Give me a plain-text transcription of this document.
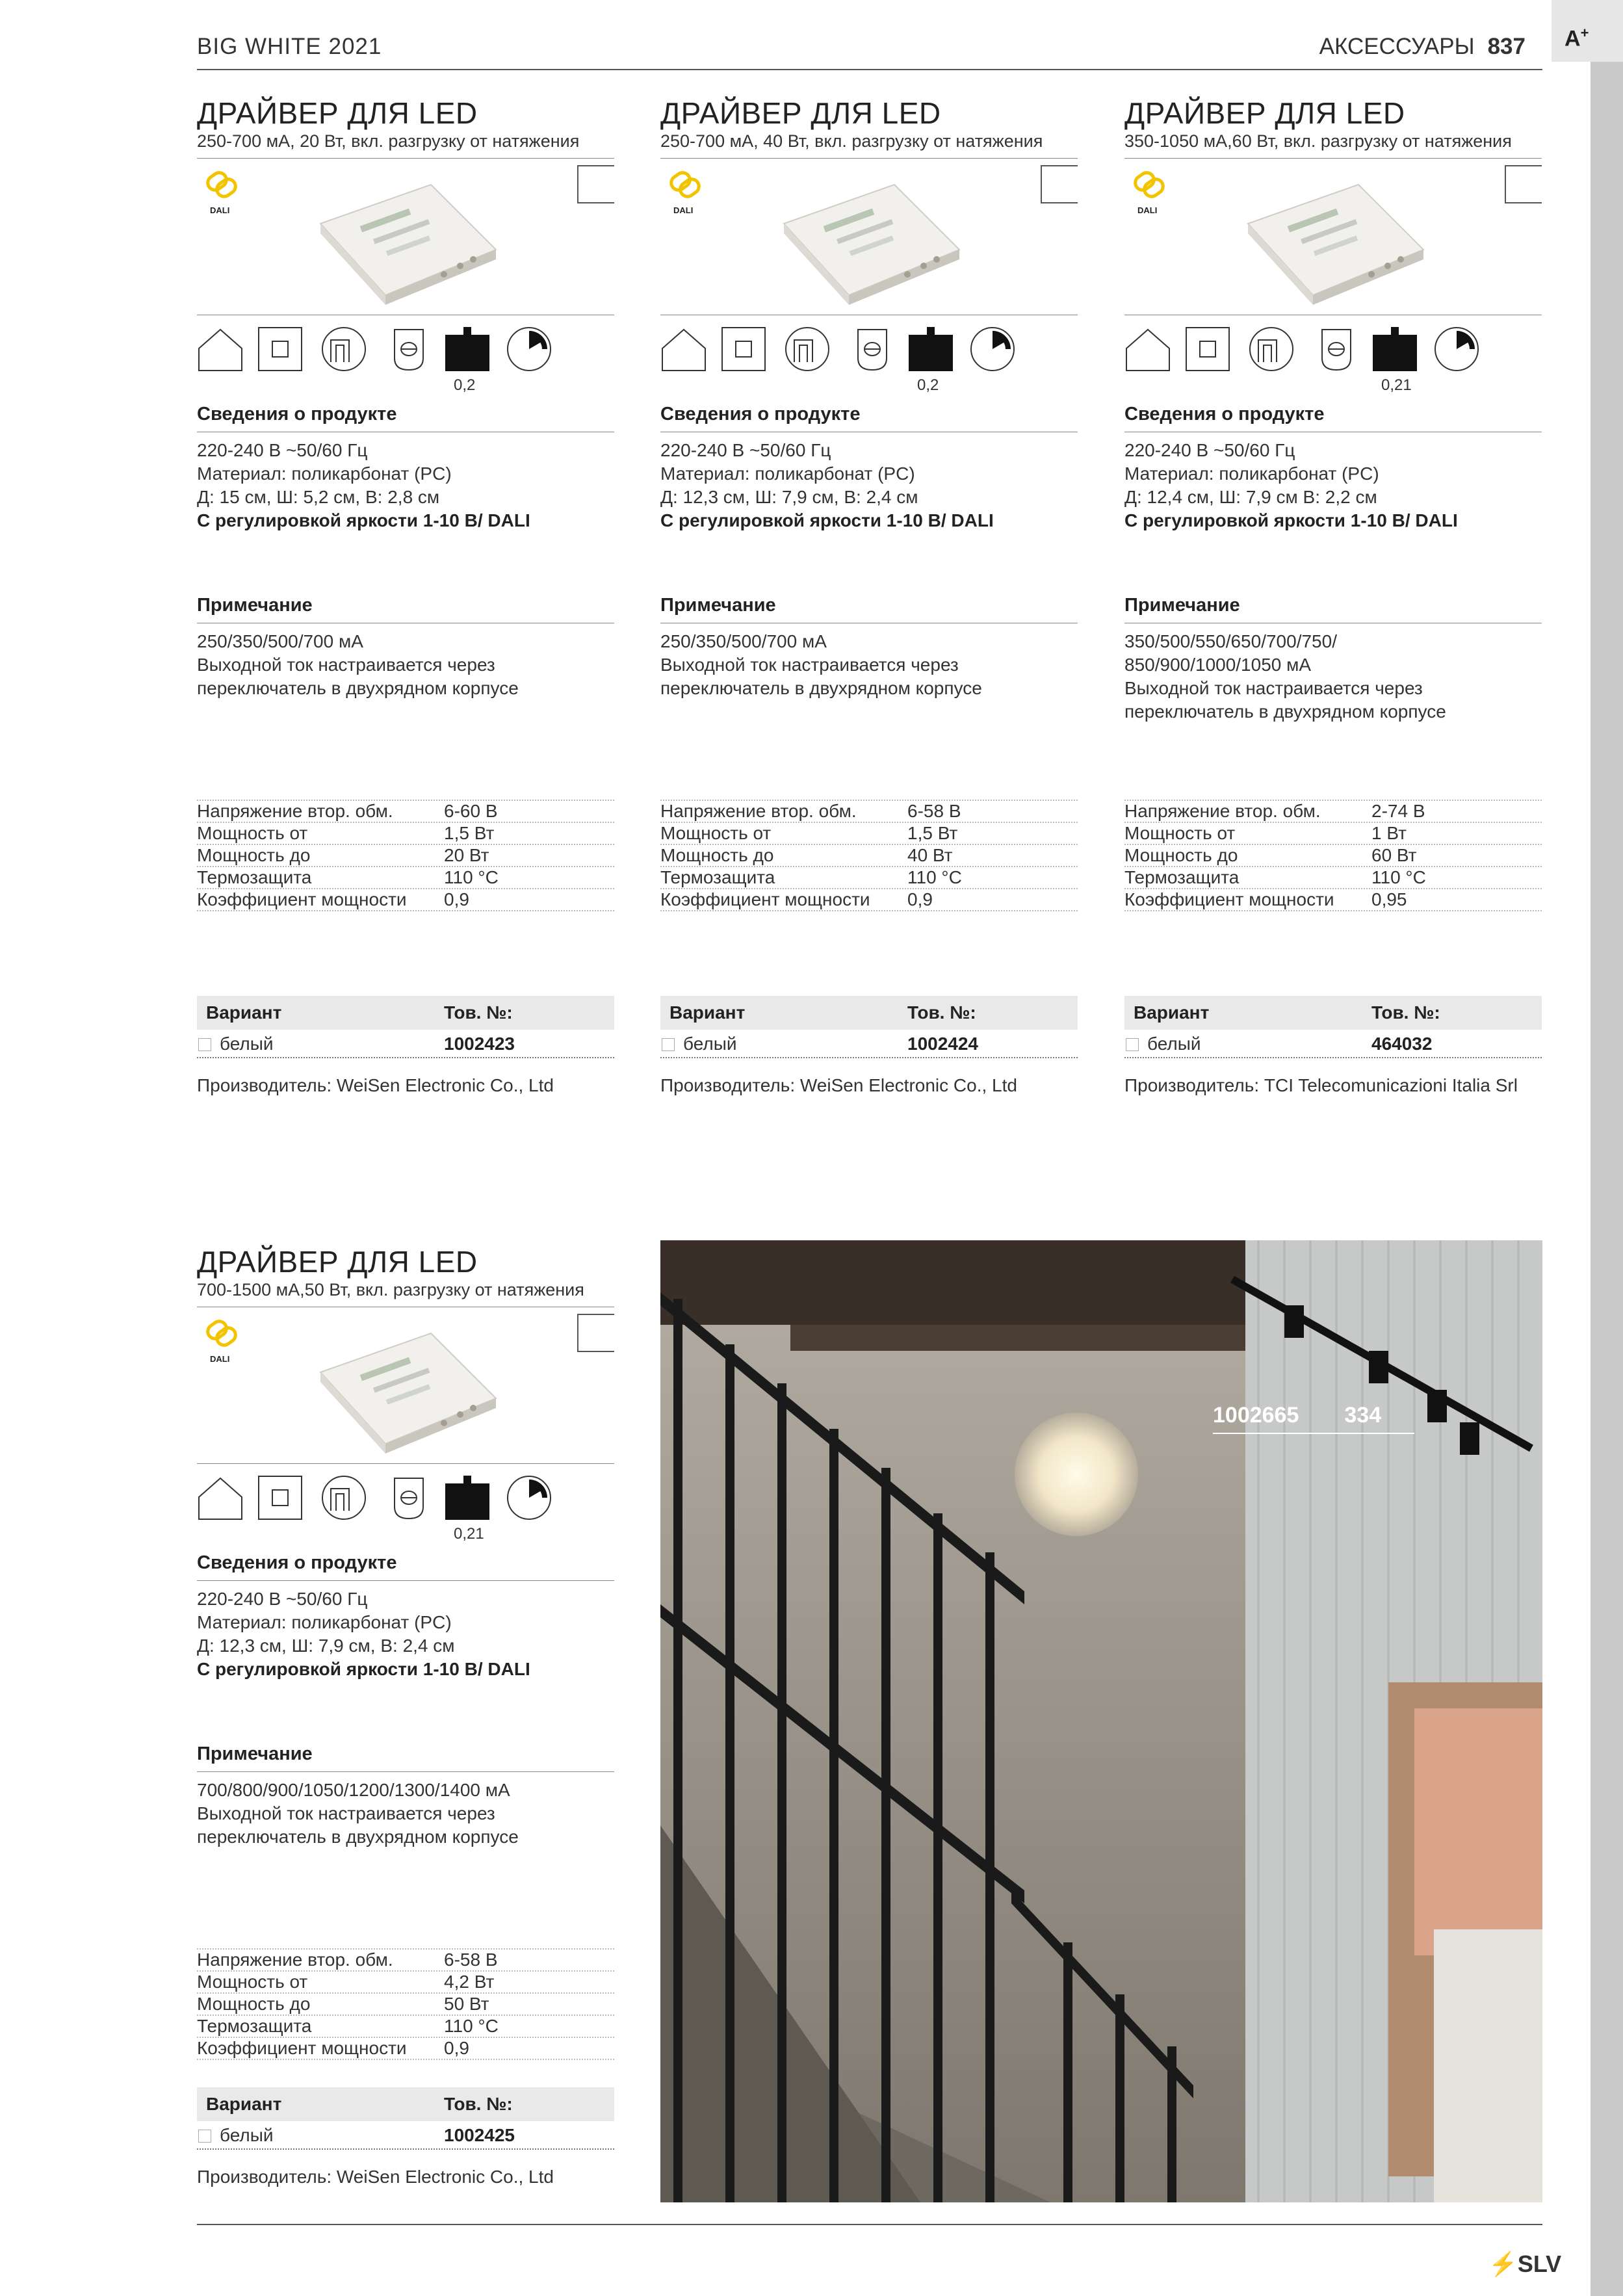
A+
BIG WHITE 2021	АКСЕССУАРЫ 837
ДРАЙВЕР ДЛЯ LED
250-700 мА, 20 Вт, вкл. разгрузку от натяжения
DALI
0,2
Сведения о продукте
220-240 В ~50/60 Гц
Материал: поликарбонат (PC)
Д: 15 см, Ш: 5,2 см, В: 2,8 см
С регулировкой яркости 1-10 В/ DALI
Примечание
250/350/500/700 мА
Выходной ток настраивается через
переключатель в двухрядном корпусе
ДРАЙВЕР ДЛЯ LED
250-700 мА, 40 Вт, вкл. разгрузку от натяжения
DALI
0,2
Сведения о продукте
220-240 В ~50/60 Гц
Материал: поликарбонат (PC)
Д: 12,3 см, Ш: 7,9 см, В: 2,4 см
С регулировкой яркости 1-10 В/ DALI
Примечание
250/350/500/700 мА
Выходной ток настраивается через
переключатель в двухрядном корпусе
ДРАЙВЕР ДЛЯ LED
350-1050 мА,60 Вт, вкл. разгрузку от натяжения
DALI
0,21
Сведения о продукте
220-240 В ~50/60 Гц
Материал: поликарбонат (PC)
Д: 12,4 см, Ш: 7,9 см В: 2,2 см
С регулировкой яркости 1-10 В/ DALI
Примечание
350/500/550/650/700/750/
850/900/1000/1050 мА
Выходной ток настраивается через
переключатель в двухрядном корпусе
ДРАЙВЕР ДЛЯ LED
700-1500 мА,50 Вт, вкл. разгрузку от натяжения
DALI
0,21
Сведения о продукте
220-240 В ~50/60 Гц
Материал: поликарбонат (PC)
Д: 12,3 см, Ш: 7,9 см, В: 2,4 см
С регулировкой яркости 1-10 В/ DALI
Примечание
700/800/900/1050/1200/1300/1400 мА
Выходной ток настраивается через
переключатель в двухрядном корпусе
1002665 334
⚡SLV
Напряжение втор. обм.	6-60 В
Мощность от	1,5 Вт
Мощность до	20 Вт
Термозащита	110 °C
Коэффициент мощности	0,9
Вариант	Тов. №:
белый	1002423
Производитель: WeiSen Electronic Co., Ltd
Напряжение втор. обм.	6-58 В
Мощность от	1,5 Вт
Мощность до	40 Вт
Термозащита	110 °C
Коэффициент мощности	0,9
Вариант	Тов. №:
белый	1002424
Производитель: WeiSen Electronic Co., Ltd
Напряжение втор. обм.	2-74 В
Мощность от	1 Вт
Мощность до	60 Вт
Термозащита	110 °C
Коэффициент мощности	0,95
Вариант	Тов. №:
белый	464032
Производитель: TCI Telecomunicazioni Italia Srl
Напряжение втор. обм.	6-58 В
Мощность от	4,2 Вт
Мощность до	50 Вт
Термозащита	110 °C
Коэффициент мощности	0,9
Вариант	Тов. №:
белый	1002425
Производитель: WeiSen Electronic Co., Ltd
